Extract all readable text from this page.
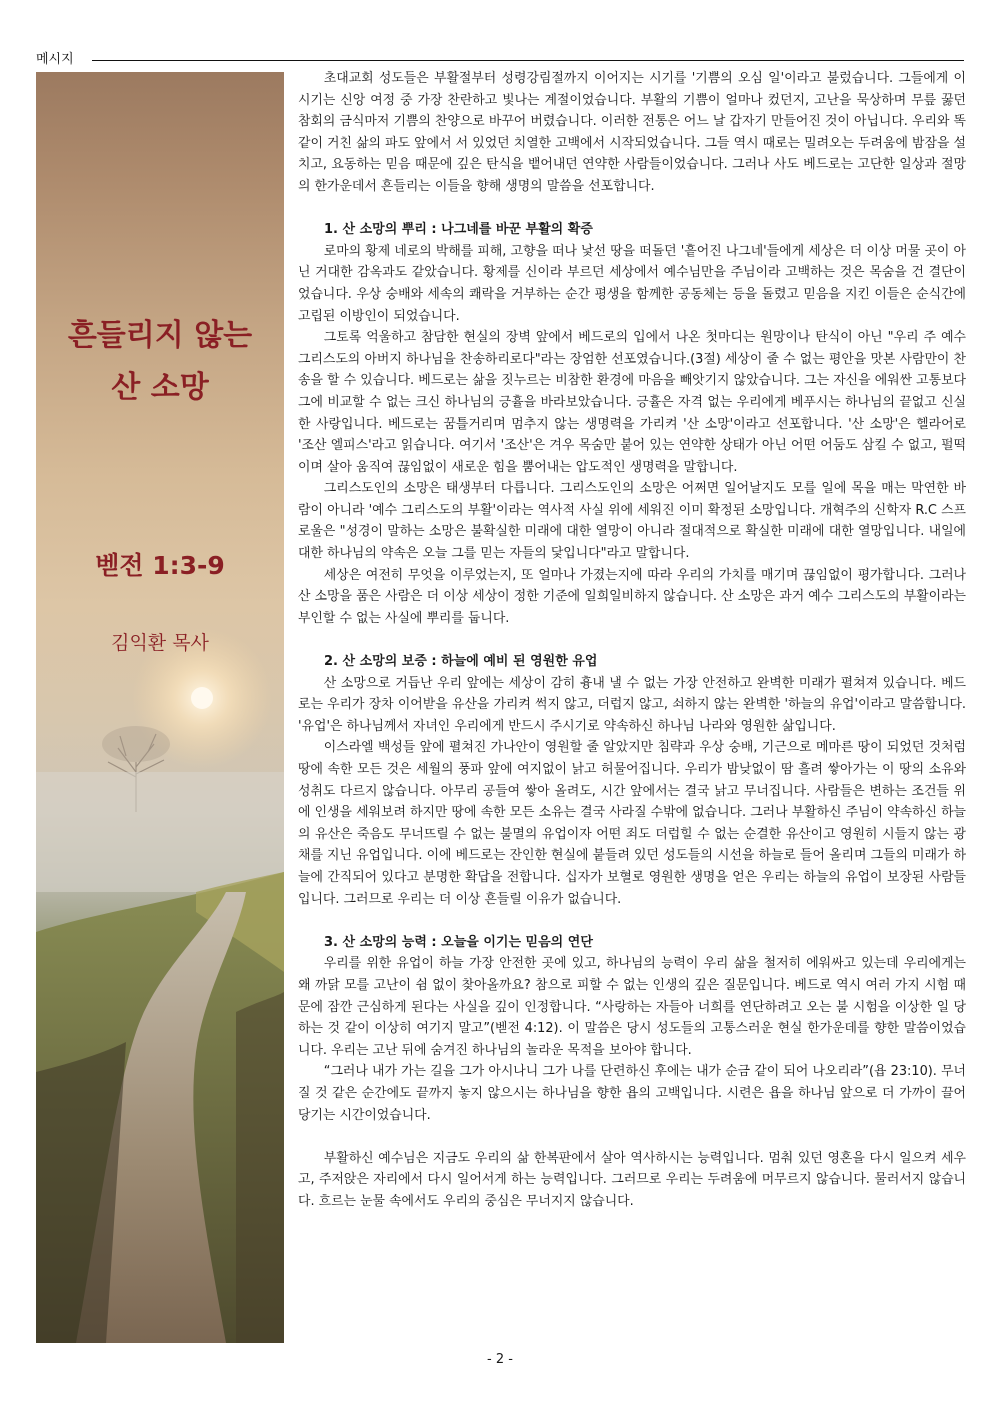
메시지
흔들리지 않는
산 소망
벧전 1:3-9
김익환 목사

초대교회 성도들은 부활절부터 성령강림절까지 이어지는 시기를 '기쁨의 오심 일'이라고 불렀습니다. 그들에게 이 시기는 신앙 여정 중 가장 찬란하고 빛나는 계절이었습니다. 부활의 기쁨이 얼마나 컸던지, 고난을 묵상하며 무릎 꿇던 참회의 금식마저 기쁨의 찬양으로 바꾸어 버렸습니다. 이러한 전통은 어느 날 갑자기 만들어진 것이 아닙니다. 우리와 똑같이 거친 삶의 파도 앞에서 서 있었던 치열한 고백에서 시작되었습니다. 그들 역시 때로는 밀려오는 두려움에 밤잠을 설치고, 요동하는 믿음 때문에 깊은 탄식을 뱉어내던 연약한 사람들이었습니다. 그러나 사도 베드로는 고단한 일상과 절망의 한가운데서 흔들리는 이들을 향해 생명의 말씀을 선포합니다.

1. 산 소망의 뿌리 : 나그네를 바꾼 부활의 확증

로마의 황제 네로의 박해를 피해, 고향을 떠나 낯선 땅을 떠돌던 '흩어진 나그네'들에게 세상은 더 이상 머물 곳이 아닌 거대한 감옥과도 같았습니다. 황제를 신이라 부르던 세상에서 예수님만을 주님이라 고백하는 것은 목숨을 건 결단이었습니다. 우상 숭배와 세속의 쾌락을 거부하는 순간 평생을 함께한 공동체는 등을 돌렸고 믿음을 지킨 이들은 순식간에 고립된 이방인이 되었습니다.

그토록 억울하고 참담한 현실의 장벽 앞에서 베드로의 입에서 나온 첫마디는 원망이나 탄식이 아닌 "우리 주 예수 그리스도의 아버지 하나님을 찬송하리로다"라는 장엄한 선포였습니다.(3절) 세상이 줄 수 없는 평안을 맛본 사람만이 찬송을 할 수 있습니다. 베드로는 삶을 짓누르는 비참한 환경에 마음을 빼앗기지 않았습니다. 그는 자신을 에워싼 고통보다 그에 비교할 수 없는 크신 하나님의 긍휼을 바라보았습니다. 긍휼은 자격 없는 우리에게 베푸시는 하나님의 끝없고 신실한 사랑입니다. 베드로는 꿈틀거리며 멈추지 않는 생명력을 가리켜 '산 소망'이라고 선포합니다. '산 소망'은 헬라어로 '조산 엘피스'라고 읽습니다. 여기서 '조산'은 겨우 목숨만 붙어 있는 연약한 상태가 아닌 어떤 어둠도 삼킬 수 없고, 펄떡이며 살아 움직여 끊임없이 새로운 힘을 뿜어내는 압도적인 생명력을 말합니다.

그리스도인의 소망은 태생부터 다릅니다. 그리스도인의 소망은 어쩌면 일어날지도 모를 일에 목을 매는 막연한 바람이 아니라 '예수 그리스도의 부활'이라는 역사적 사실 위에 세워진 이미 확정된 소망입니다. 개혁주의 신학자 R.C 스프로울은 "성경이 말하는 소망은 불확실한 미래에 대한 열망이 아니라 절대적으로 확실한 미래에 대한 열망입니다. 내일에 대한 하나님의 약속은 오늘 그를 믿는 자들의 닻입니다"라고 말합니다.

세상은 여전히 무엇을 이루었는지, 또 얼마나 가졌는지에 따라 우리의 가치를 매기며 끊임없이 평가합니다. 그러나 산 소망을 품은 사람은 더 이상 세상이 정한 기준에 일희일비하지 않습니다. 산 소망은 과거 예수 그리스도의 부활이라는 부인할 수 없는 사실에 뿌리를 둡니다.

2. 산 소망의 보증 : 하늘에 예비 된 영원한 유업

산 소망으로 거듭난 우리 앞에는 세상이 감히 흉내 낼 수 없는 가장 안전하고 완벽한 미래가 펼쳐져 있습니다. 베드로는 우리가 장차 이어받을 유산을 가리켜 썩지 않고, 더럽지 않고, 쇠하지 않는 완벽한 '하늘의 유업'이라고 말씀합니다. '유업'은 하나님께서 자녀인 우리에게 반드시 주시기로 약속하신 하나님 나라와 영원한 삶입니다.

이스라엘 백성들 앞에 펼쳐진 가나안이 영원할 줄 알았지만 침략과 우상 숭배, 기근으로 메마른 땅이 되었던 것처럼 땅에 속한 모든 것은 세월의 풍파 앞에 여지없이 낡고 허물어집니다. 우리가 밤낮없이 땀 흘려 쌓아가는 이 땅의 소유와 성취도 다르지 않습니다. 아무리 공들여 쌓아 올려도, 시간 앞에서는 결국 낡고 무너집니다. 사람들은 변하는 조건들 위에 인생을 세워보려 하지만 땅에 속한 모든 소유는 결국 사라질 수밖에 없습니다. 그러나 부활하신 주님이 약속하신 하늘의 유산은 죽음도 무너뜨릴 수 없는 불멸의 유업이자 어떤 죄도 더럽힐 수 없는 순결한 유산이고 영원히 시들지 않는 광채를 지닌 유업입니다. 이에 베드로는 잔인한 현실에 붙들려 있던 성도들의 시선을 하늘로 들어 올리며 그들의 미래가 하늘에 간직되어 있다고 분명한 확답을 전합니다. 십자가 보혈로 영원한 생명을 얻은 우리는 하늘의 유업이 보장된 사람들입니다. 그러므로 우리는 더 이상 흔들릴 이유가 없습니다.

3. 산 소망의 능력 : 오늘을 이기는 믿음의 연단

우리를 위한 유업이 하늘 가장 안전한 곳에 있고, 하나님의 능력이 우리 삶을 철저히 에워싸고 있는데 우리에게는 왜 까닭 모를 고난이 쉼 없이 찾아올까요? 참으로 피할 수 없는 인생의 깊은 질문입니다. 베드로 역시 여러 가지 시험 때문에 잠깐 근심하게 된다는 사실을 깊이 인정합니다. “사랑하는 자들아 너희를 연단하려고 오는 불 시험을 이상한 일 당하는 것 같이 이상히 여기지 말고”(벧전 4:12). 이 말씀은 당시 성도들의 고통스러운 현실 한가운데를 향한 말씀이었습니다. 우리는 고난 뒤에 숨겨진 하나님의 놀라운 목적을 보아야 합니다.

“그러나 내가 가는 길을 그가 아시나니 그가 나를 단련하신 후에는 내가 순금 같이 되어 나오리라”(욥 23:10). 무너질 것 같은 순간에도 끝까지 놓지 않으시는 하나님을 향한 욥의 고백입니다. 시련은 욥을 하나님 앞으로 더 가까이 끌어당기는 시간이었습니다.

부활하신 예수님은 지금도 우리의 삶 한복판에서 살아 역사하시는 능력입니다. 멈춰 있던 영혼을 다시 일으켜 세우고, 주저앉은 자리에서 다시 일어서게 하는 능력입니다. 그러므로 우리는 두려움에 머무르지 않습니다. 물러서지 않습니다. 흐르는 눈물 속에서도 우리의 중심은 무너지지 않습니다.

- 2 -
